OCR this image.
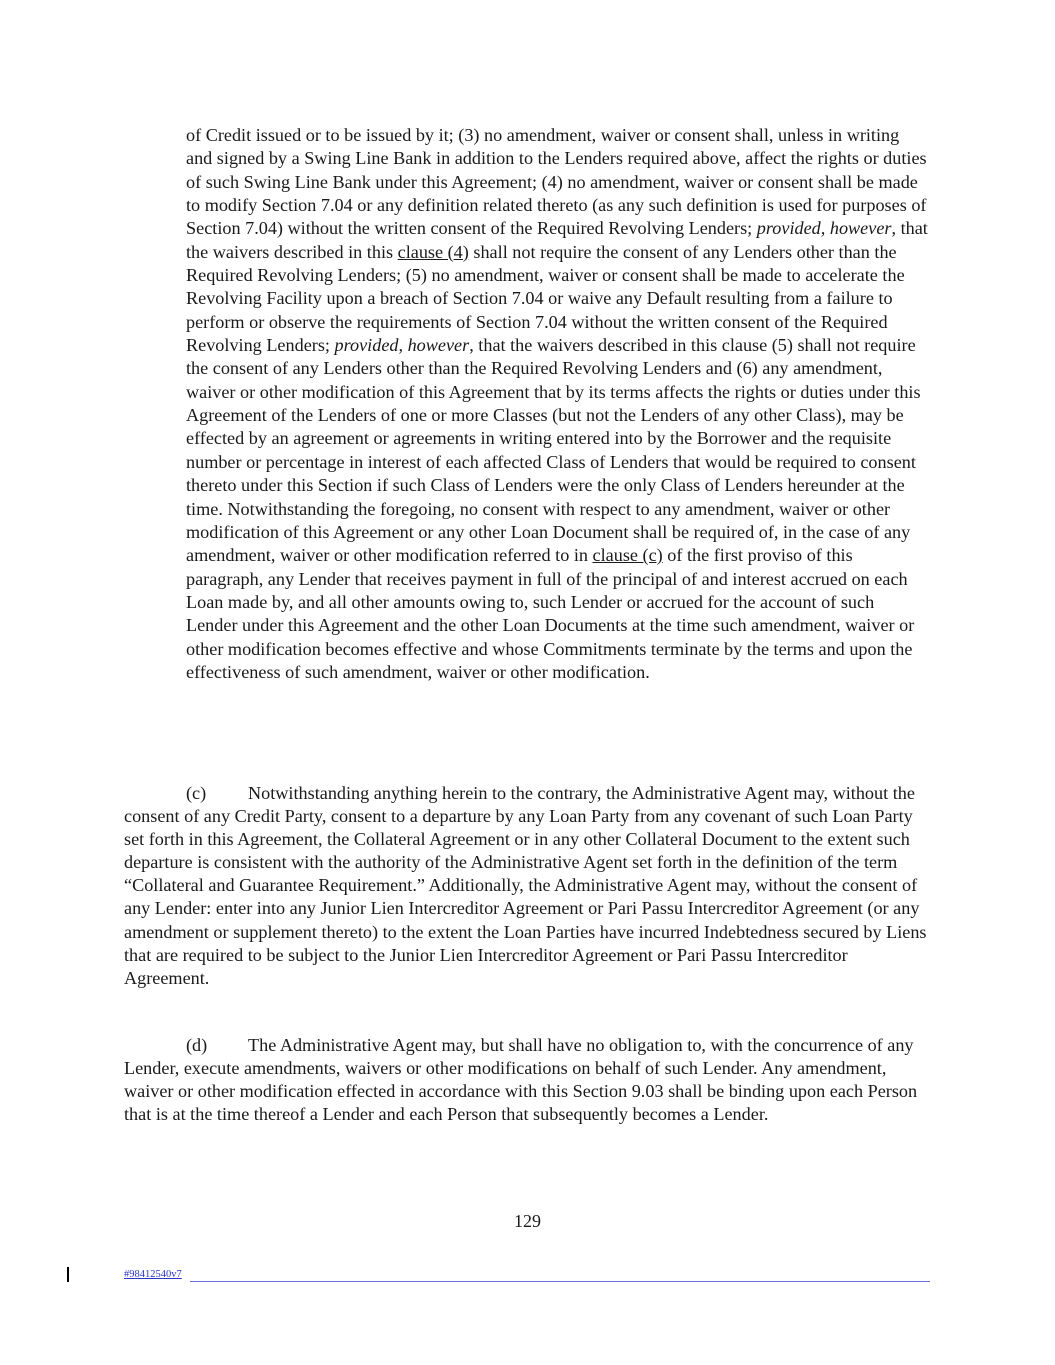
of Credit issued or to be issued by it; (3) no amendment, waiver or consent shall, unless in writing and signed by a Swing Line Bank in addition to the Lenders required above, affect the rights or duties of such Swing Line Bank under this Agreement; (4) no amendment, waiver or consent shall be made to modify Section 7.04 or any definition related thereto (as any such definition is used for purposes of Section 7.04) without the written consent of the Required Revolving Lenders; provided, however, that the waivers described in this clause (4) shall not require the consent of any Lenders other than the Required Revolving Lenders; (5) no amendment, waiver or consent shall be made to accelerate the Revolving Facility upon a breach of Section 7.04 or waive any Default resulting from a failure to perform or observe the requirements of Section 7.04 without the written consent of the Required Revolving Lenders; provided, however, that the waivers described in this clause (5) shall not require the consent of any Lenders other than the Required Revolving Lenders and (6) any amendment, waiver or other modification of this Agreement that by its terms affects the rights or duties under this Agreement of the Lenders of one or more Classes (but not the Lenders of any other Class), may be effected by an agreement or agreements in writing entered into by the Borrower and the requisite number or percentage in interest of each affected Class of Lenders that would be required to consent thereto under this Section if such Class of Lenders were the only Class of Lenders hereunder at the time. Notwithstanding the foregoing, no consent with respect to any amendment, waiver or other modification of this Agreement or any other Loan Document shall be required of, in the case of any amendment, waiver or other modification referred to in clause (c) of the first proviso of this paragraph, any Lender that receives payment in full of the principal of and interest accrued on each Loan made by, and all other amounts owing to, such Lender or accrued for the account of such Lender under this Agreement and the other Loan Documents at the time such amendment, waiver or other modification becomes effective and whose Commitments terminate by the terms and upon the effectiveness of such amendment, waiver or other modification.

(c) Notwithstanding anything herein to the contrary, the Administrative Agent may, without the consent of any Credit Party, consent to a departure by any Loan Party from any covenant of such Loan Party set forth in this Agreement, the Collateral Agreement or in any other Collateral Document to the extent such departure is consistent with the authority of the Administrative Agent set forth in the definition of the term “Collateral and Guarantee Requirement.” Additionally, the Administrative Agent may, without the consent of any Lender: enter into any Junior Lien Intercreditor Agreement or Pari Passu Intercreditor Agreement (or any amendment or supplement thereto) to the extent the Loan Parties have incurred Indebtedness secured by Liens that are required to be subject to the Junior Lien Intercreditor Agreement or Pari Passu Intercreditor Agreement.

(d) The Administrative Agent may, but shall have no obligation to, with the concurrence of any Lender, execute amendments, waivers or other modifications on behalf of such Lender. Any amendment, waiver or other modification effected in accordance with this Section 9.03 shall be binding upon each Person that is at the time thereof a Lender and each Person that subsequently becomes a Lender.

129

#98412540v7
